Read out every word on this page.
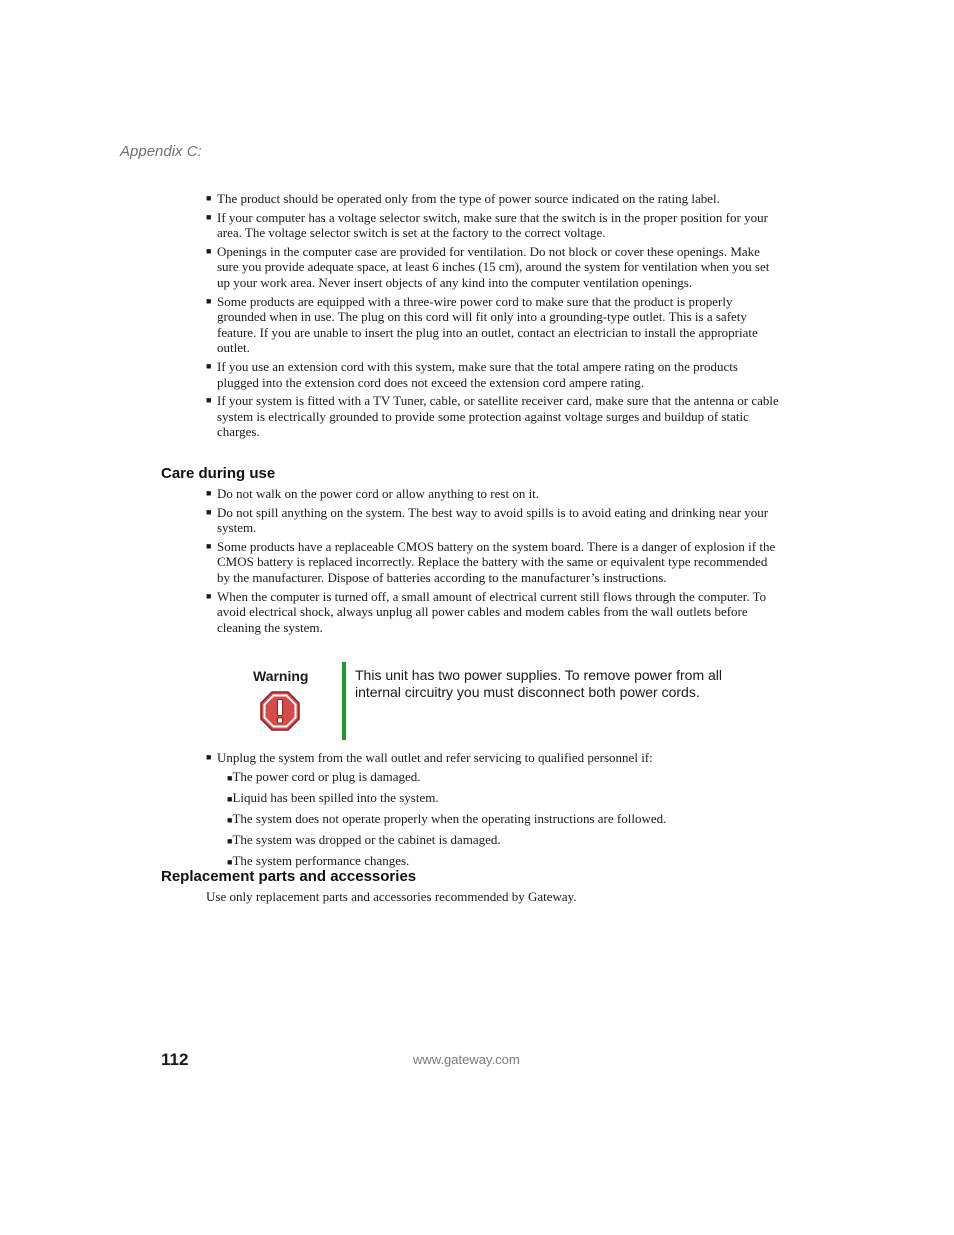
Appendix C:
■ The product should be operated only from the type of power source indicated on the rating label.
■ If your computer has a voltage selector switch, make sure that the switch is in the proper position for your area. The voltage selector switch is set at the factory to the correct voltage.
■ Openings in the computer case are provided for ventilation. Do not block or cover these openings. Make sure you provide adequate space, at least 6 inches (15 cm), around the system for ventilation when you set up your work area. Never insert objects of any kind into the computer ventilation openings.
■ Some products are equipped with a three-wire power cord to make sure that the product is properly grounded when in use. The plug on this cord will fit only into a grounding-type outlet. This is a safety feature. If you are unable to insert the plug into an outlet, contact an electrician to install the appropriate outlet.
■ If you use an extension cord with this system, make sure that the total ampere rating on the products plugged into the extension cord does not exceed the extension cord ampere rating.
■ If your system is fitted with a TV Tuner, cable, or satellite receiver card, make sure that the antenna or cable system is electrically grounded to provide some protection against voltage surges and buildup of static charges.
Care during use
■ Do not walk on the power cord or allow anything to rest on it.
■ Do not spill anything on the system. The best way to avoid spills is to avoid eating and drinking near your system.
■ Some products have a replaceable CMOS battery on the system board. There is a danger of explosion if the CMOS battery is replaced incorrectly. Replace the battery with the same or equivalent type recommended by the manufacturer. Dispose of batteries according to the manufacturer’s instructions.
■ When the computer is turned off, a small amount of electrical current still flows through the computer. To avoid electrical shock, always unplug all power cables and modem cables from the wall outlets before cleaning the system.
Warning	This unit has two power supplies. To remove power from all internal circuitry you must disconnect both power cords.
■ Unplug the system from the wall outlet and refer servicing to qualified personnel if:
■The power cord or plug is damaged.
■Liquid has been spilled into the system.
■The system does not operate properly when the operating instructions are followed.
■The system was dropped or the cabinet is damaged.
■The system performance changes.
Replacement parts and accessories
Use only replacement parts and accessories recommended by Gateway.
112	www.gateway.com
